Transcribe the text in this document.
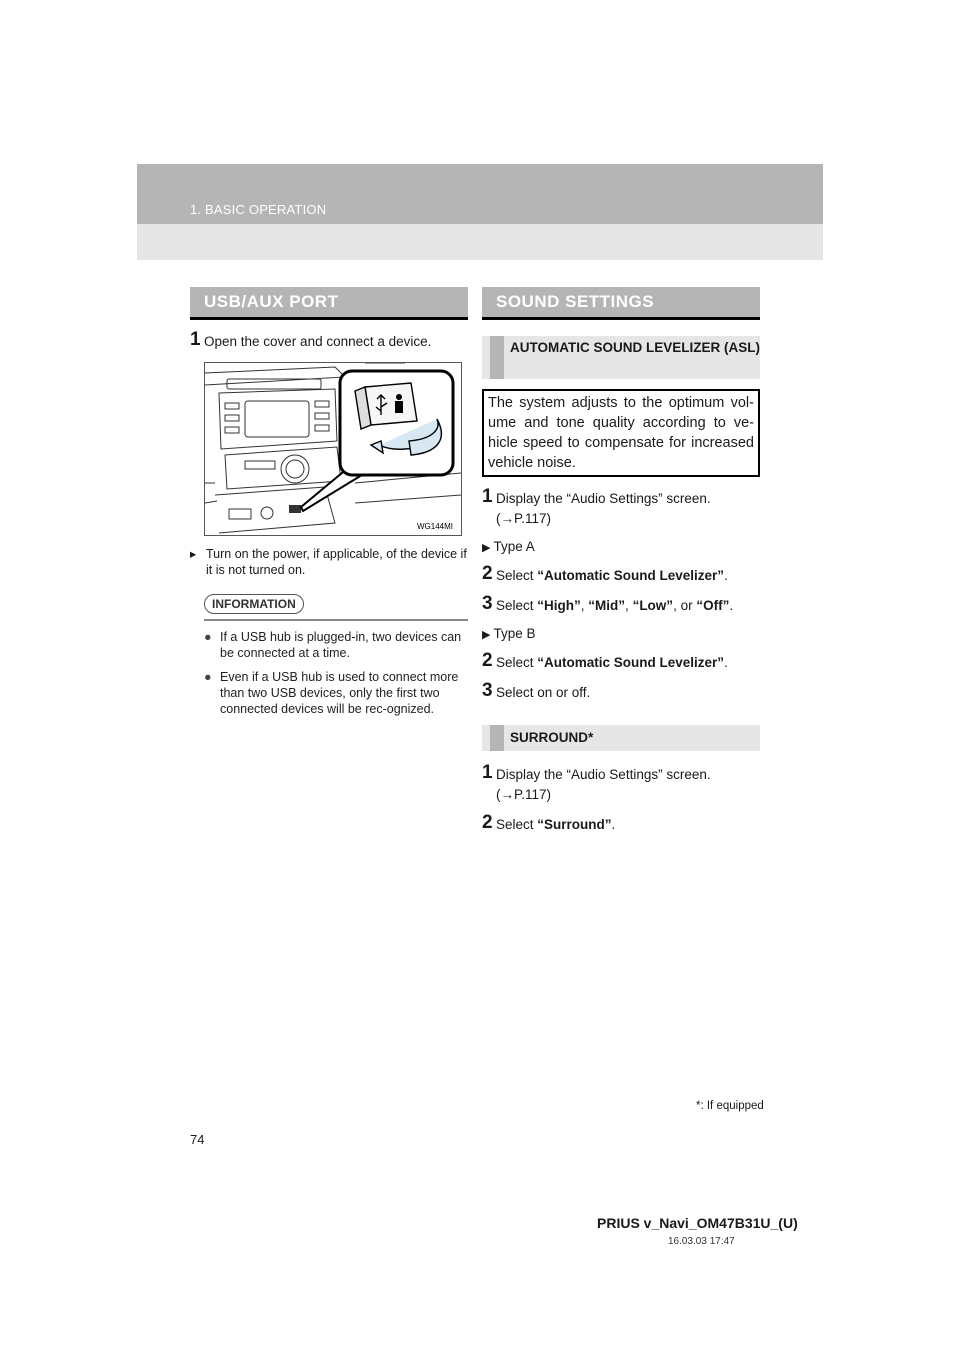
1. BASIC OPERATION
USB/AUX PORT
1 Open the cover and connect a device.
WG144MI
▸ Turn on the power, if applicable, of the device if it is not turned on.
INFORMATION
● If a USB hub is plugged-in, two devices can be connected at a time.
● Even if a USB hub is used to connect more than two USB devices, only the first two connected devices will be rec-ognized.
SOUND SETTINGS
AUTOMATIC SOUND LEVELIZER (ASL)
The system adjusts to the optimum vol-ume and tone quality according to ve-hicle speed to compensate for increased vehicle noise.
1 Display the “Audio Settings” screen. (→P.117)
▶ Type A
2 Select “Automatic Sound Levelizer”.
3 Select “High”, “Mid”, “Low”, or “Off”.
▶ Type B
2 Select “Automatic Sound Levelizer”.
3 Select on or off.
SURROUND*
1 Display the “Audio Settings” screen. (→P.117)
2 Select “Surround”.
*: If equipped
74
PRIUS v_Navi_OM47B31U_(U)
16.03.03 17:47
